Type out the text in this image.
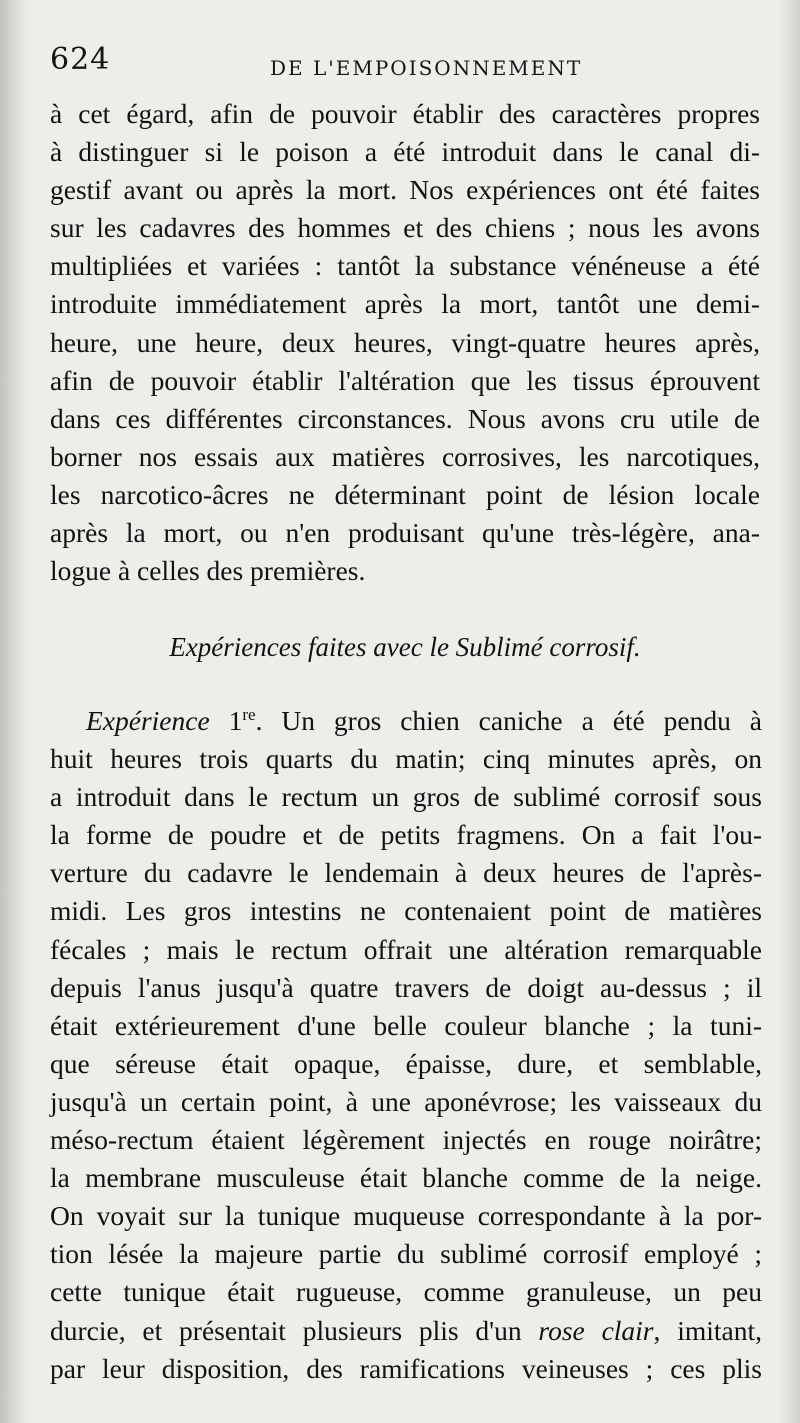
624	DE L'EMPOISONNEMENT
à cet égard, afin de pouvoir établir des caractères propres
à distinguer si le poison a été introduit dans le canal di-
gestif avant ou après la mort. Nos expériences ont été faites
sur les cadavres des hommes et des chiens ; nous les avons
multipliées et variées : tantôt la substance vénéneuse a été
introduite immédiatement après la mort, tantôt une demi-
heure, une heure, deux heures, vingt-quatre heures après,
afin de pouvoir établir l'altération que les tissus éprouvent
dans ces différentes circonstances. Nous avons cru utile de
borner nos essais aux matières corrosives, les narcotiques,
les narcotico-âcres ne déterminant point de lésion locale
après la mort, ou n'en produisant qu'une très-légère, ana-
logue à celles des premières.
Expériences faites avec le Sublimé corrosif.
Expérience 1re. Un gros chien caniche a été pendu à
huit heures trois quarts du matin; cinq minutes après, on
a introduit dans le rectum un gros de sublimé corrosif sous
la forme de poudre et de petits fragmens. On a fait l'ou-
verture du cadavre le lendemain à deux heures de l'après-
midi. Les gros intestins ne contenaient point de matières
fécales ; mais le rectum offrait une altération remarquable
depuis l'anus jusqu'à quatre travers de doigt au-dessus ; il
était extérieurement d'une belle couleur blanche ; la tuni-
que séreuse était opaque, épaisse, dure, et semblable,
jusqu'à un certain point, à une aponévrose; les vaisseaux du
méso-rectum étaient légèrement injectés en rouge noirâtre;
la membrane musculeuse était blanche comme de la neige.
On voyait sur la tunique muqueuse correspondante à la por-
tion lésée la majeure partie du sublimé corrosif employé ;
cette tunique était rugueuse, comme granuleuse, un peu
durcie, et présentait plusieurs plis d'un rose clair, imitant,
par leur disposition, des ramifications veineuses ; ces plis
